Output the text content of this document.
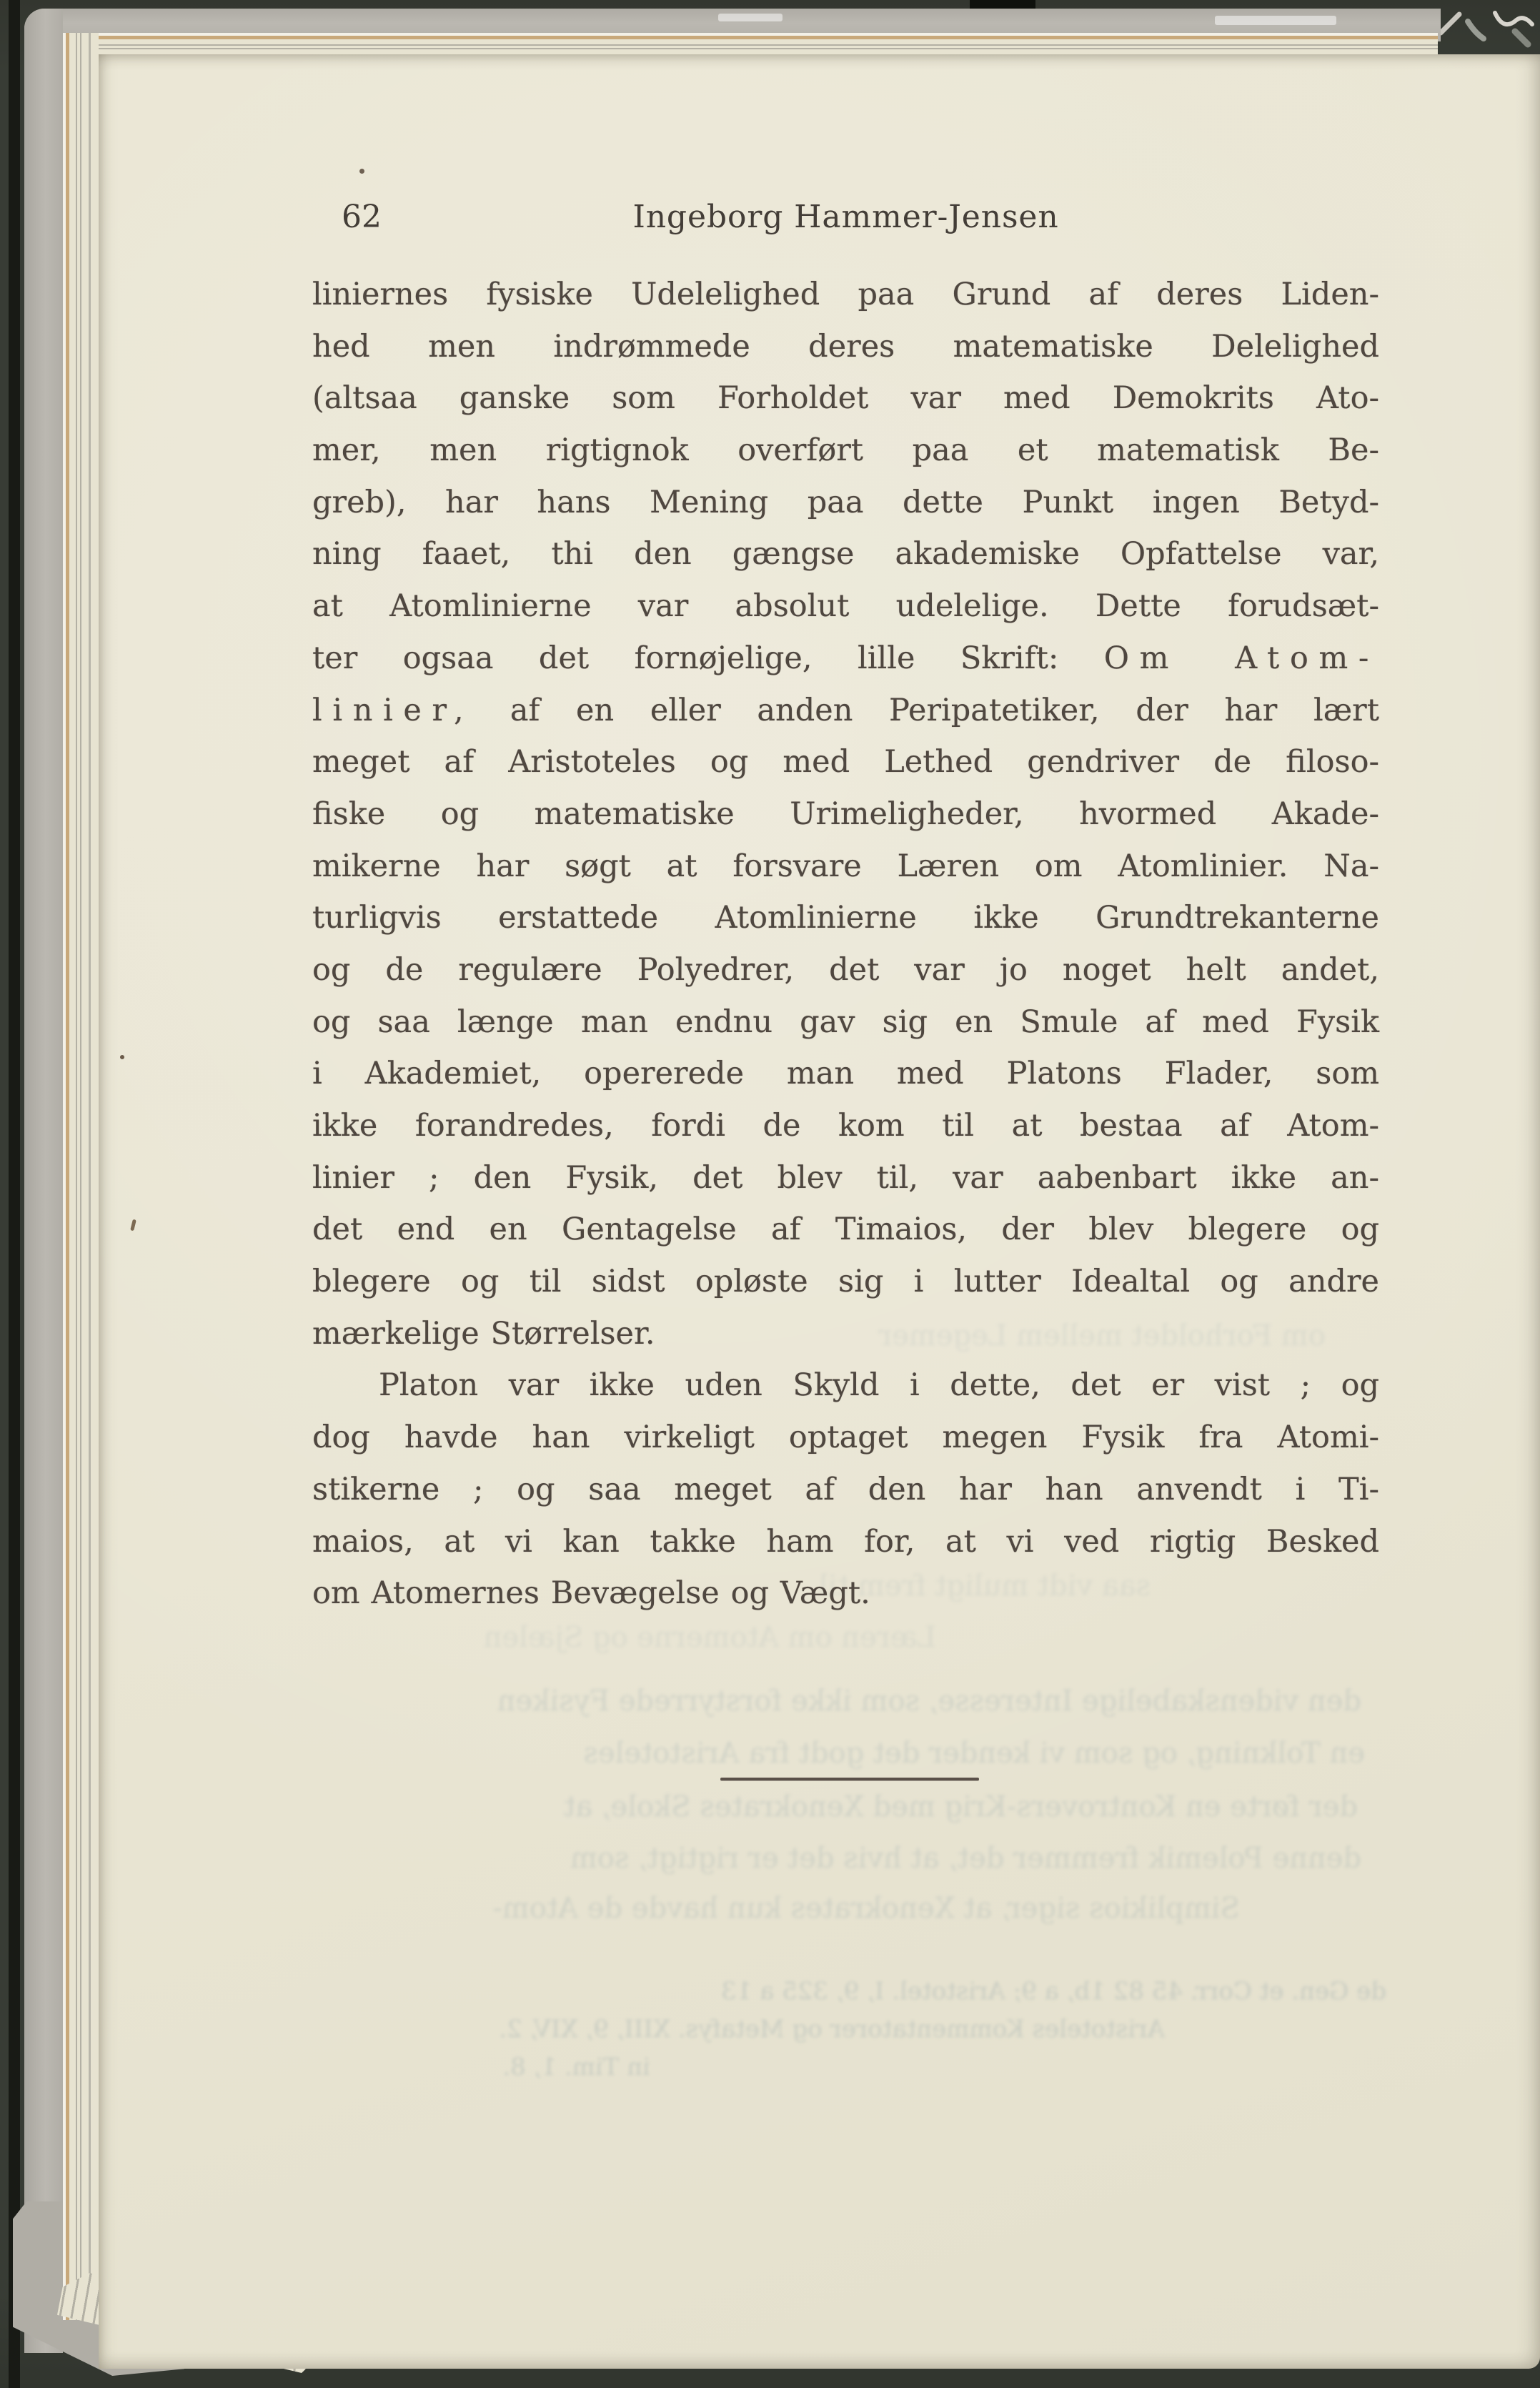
den videnskabelige Interesse, som ikke forstyrrede Fysiken
en Tolkning, og som vi kender det godt fra Aristoteles
der førte en Kontrovers-Krig med Xenokrates Skole, at
denne Polemik fremmer det, at hvis det er rigtigt, som
Simplikios siger, at Xenokrates kun havde de Atom-
de Gen. et Corr. 45 82 1b, a 9; Aristotel. I, 9, 325 a 13
Aristoteles Kommentatorer og Metafys. XIII, 9, XIV, 2.
in Tim. 1, 8.
om Forholdet mellem Legemer
saa vidt muligt frem til
Læren om Atomerne og Sjælen
62	Ingeborg Hammer-Jensen
liniernes fysiske Udelelighed paa Grund af deres Liden-
hed men indrømmede deres matematiske Delelighed
(altsaa ganske som Forholdet var med Demokrits Ato-
mer, men rigtignok overført paa et matematisk Be-
greb), har hans Mening paa dette Punkt ingen Betyd-
ning faaet, thi den gængse akademiske Opfattelse var,
at Atomlinierne var absolut udelelige. Dette forudsæt-
ter ogsaa det fornøjelige, lille Skrift: Om Atom-
linier, af en eller anden Peripatetiker, der har lært
meget af Aristoteles og med Lethed gendriver de filoso-
fiske og matematiske Urimeligheder, hvormed Akade-
mikerne har søgt at forsvare Læren om Atomlinier. Na-
turligvis erstattede Atomlinierne ikke Grundtrekanterne
og de regulære Polyedrer, det var jo noget helt andet,
og saa længe man endnu gav sig en Smule af med Fysik
i Akademiet, opererede man med Platons Flader, som
ikke forandredes, fordi de kom til at bestaa af Atom-
linier ; den Fysik, det blev til, var aabenbart ikke an-
det end en Gentagelse af Timaios, der blev blegere og
blegere og til sidst opløste sig i lutter Idealtal og andre
mærkelige Størrelser.
Platon var ikke uden Skyld i dette, det er vist ; og
dog havde han virkeligt optaget megen Fysik fra Atomi-
stikerne ; og saa meget af den har han anvendt i Ti-
maios, at vi kan takke ham for, at vi ved rigtig Besked
om Atomernes Bevægelse og Vægt.
